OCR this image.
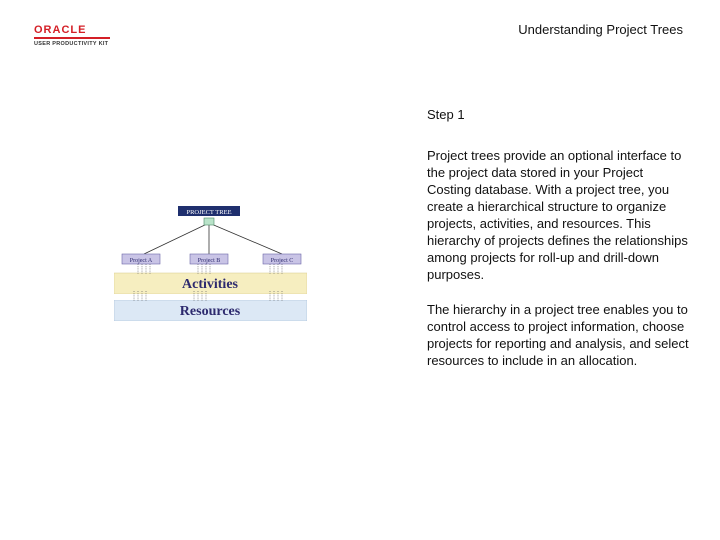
ORACLE
USER PRODUCTIVITY KIT
Understanding Project Trees
PROJECT TREE
Project A	Project B	Project C
Activities
Resources

Step 1

Project trees provide an optional interface to the project data stored in your Project Costing database. With a project tree, you create a hierarchical structure to organize projects, activities, and resources. This hierarchy of projects defines the relationships among projects for roll-up and drill-down purposes.

The hierarchy in a project tree enables you to control access to project information, choose projects for reporting and analysis, and select resources to include in an allocation.
